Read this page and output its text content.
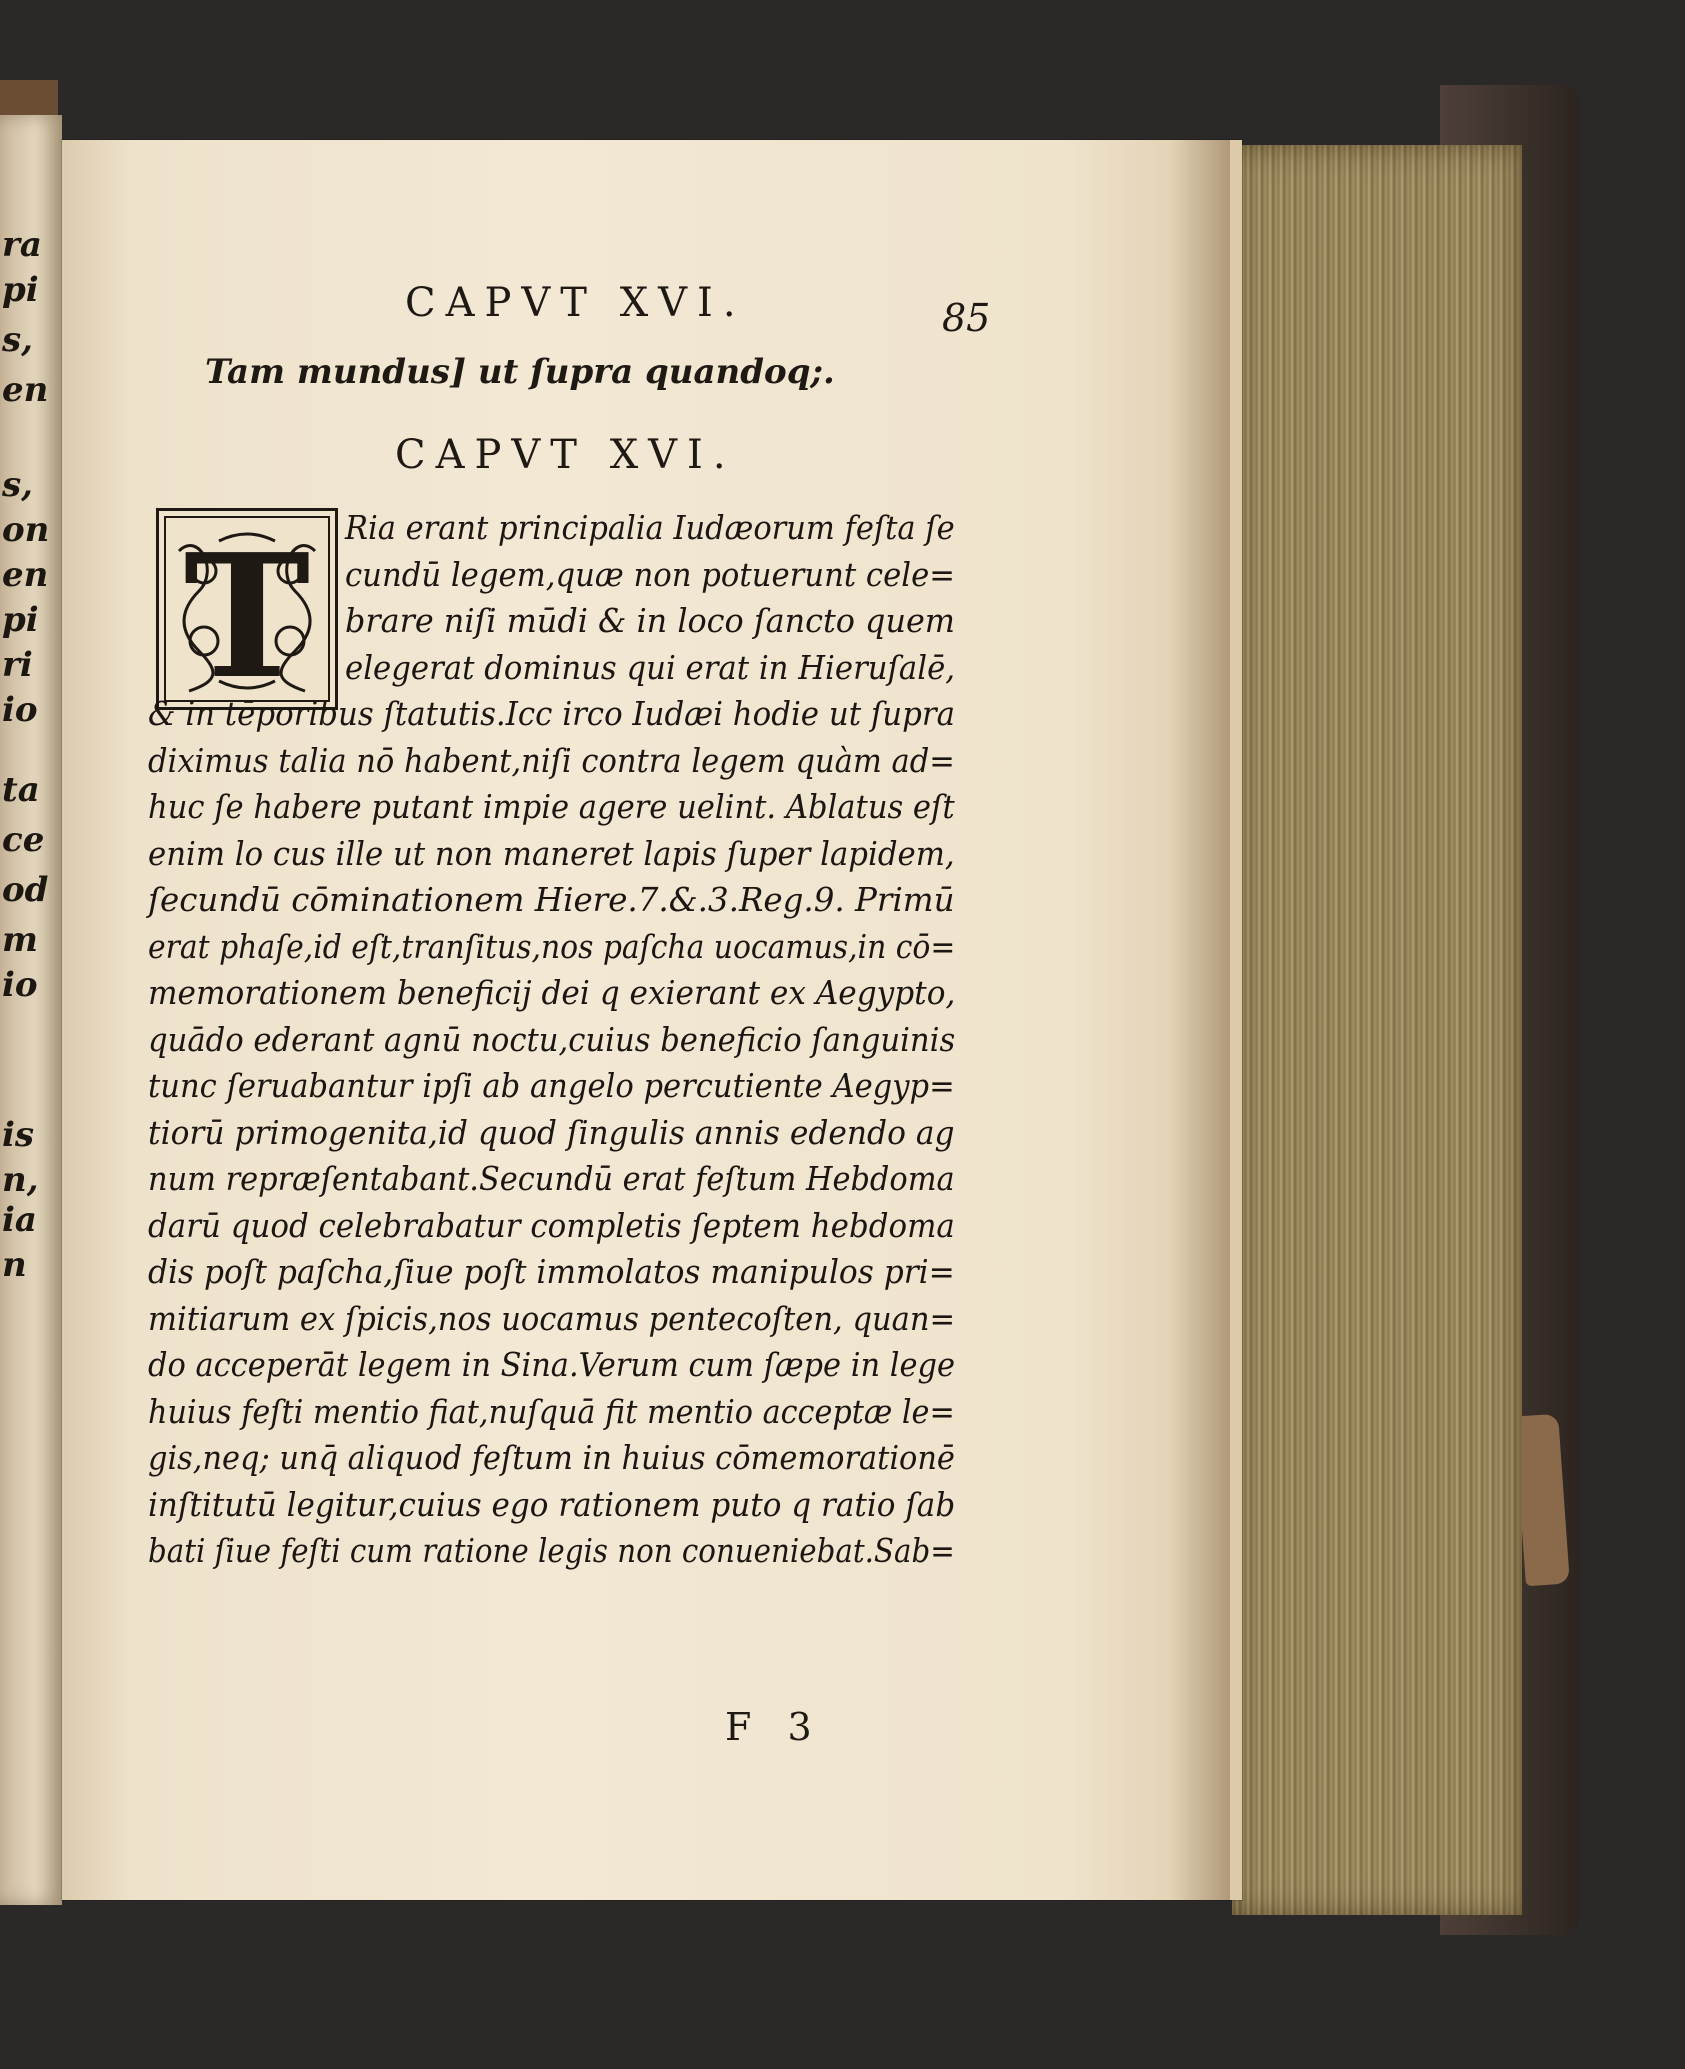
ra
pi
s,
en
s,
on
en
pi
ri
io
ta
ce
od
m
io
is
n,
ia
n
CAPVT XVI.	85
Tam mundus] ut ſupra quandoq;.
CAPVT XVI.
T Ria erant principalia Iudæorum feſta ſe
cundū legem,quæ non potuerunt cele=
brare niſi mūdi & in loco ſancto quem
elegerat dominus qui erat in Hieruſalē,
& in tēporibus ſtatutis.Icc irco Iudæi hodie ut ſupra
diximus talia nō habent,niſi contra legem quàm ad=
huc ſe habere putant impie agere uelint. Ablatus eſt
enim lo cus ille ut non maneret lapis ſuper lapidem,
ſecundū cōminationem Hiere.7.&.3.Reg.9. Primū
erat phaſe,id eſt,tranſitus,nos paſcha uocamus,in cō=
memorationem beneficij dei q exierant ex Aegypto,
quādo ederant agnū noctu,cuius beneficio ſanguinis
tunc ſeruabantur ipſi ab angelo percutiente Aegyp=
tiorū primogenita,id quod ſingulis annis edendo ag
num repræſentabant.Secundū erat feſtum Hebdoma
darū quod celebrabatur completis ſeptem hebdoma
dis poſt paſcha,ſiue poſt immolatos manipulos pri=
mitiarum ex ſpicis,nos uocamus pentecoſten, quan=
do acceperāt legem in Sina.Verum cum ſæpe in lege
huius feſti mentio fiat,nuſquā fit mentio acceptæ le=
gis,neq; unq̄ aliquod feſtum in huius cōmemorationē
inſtitutū legitur,cuius ego rationem puto q ratio ſab
bati ſiue feſti cum ratione legis non conueniebat.Sab=
F 3
